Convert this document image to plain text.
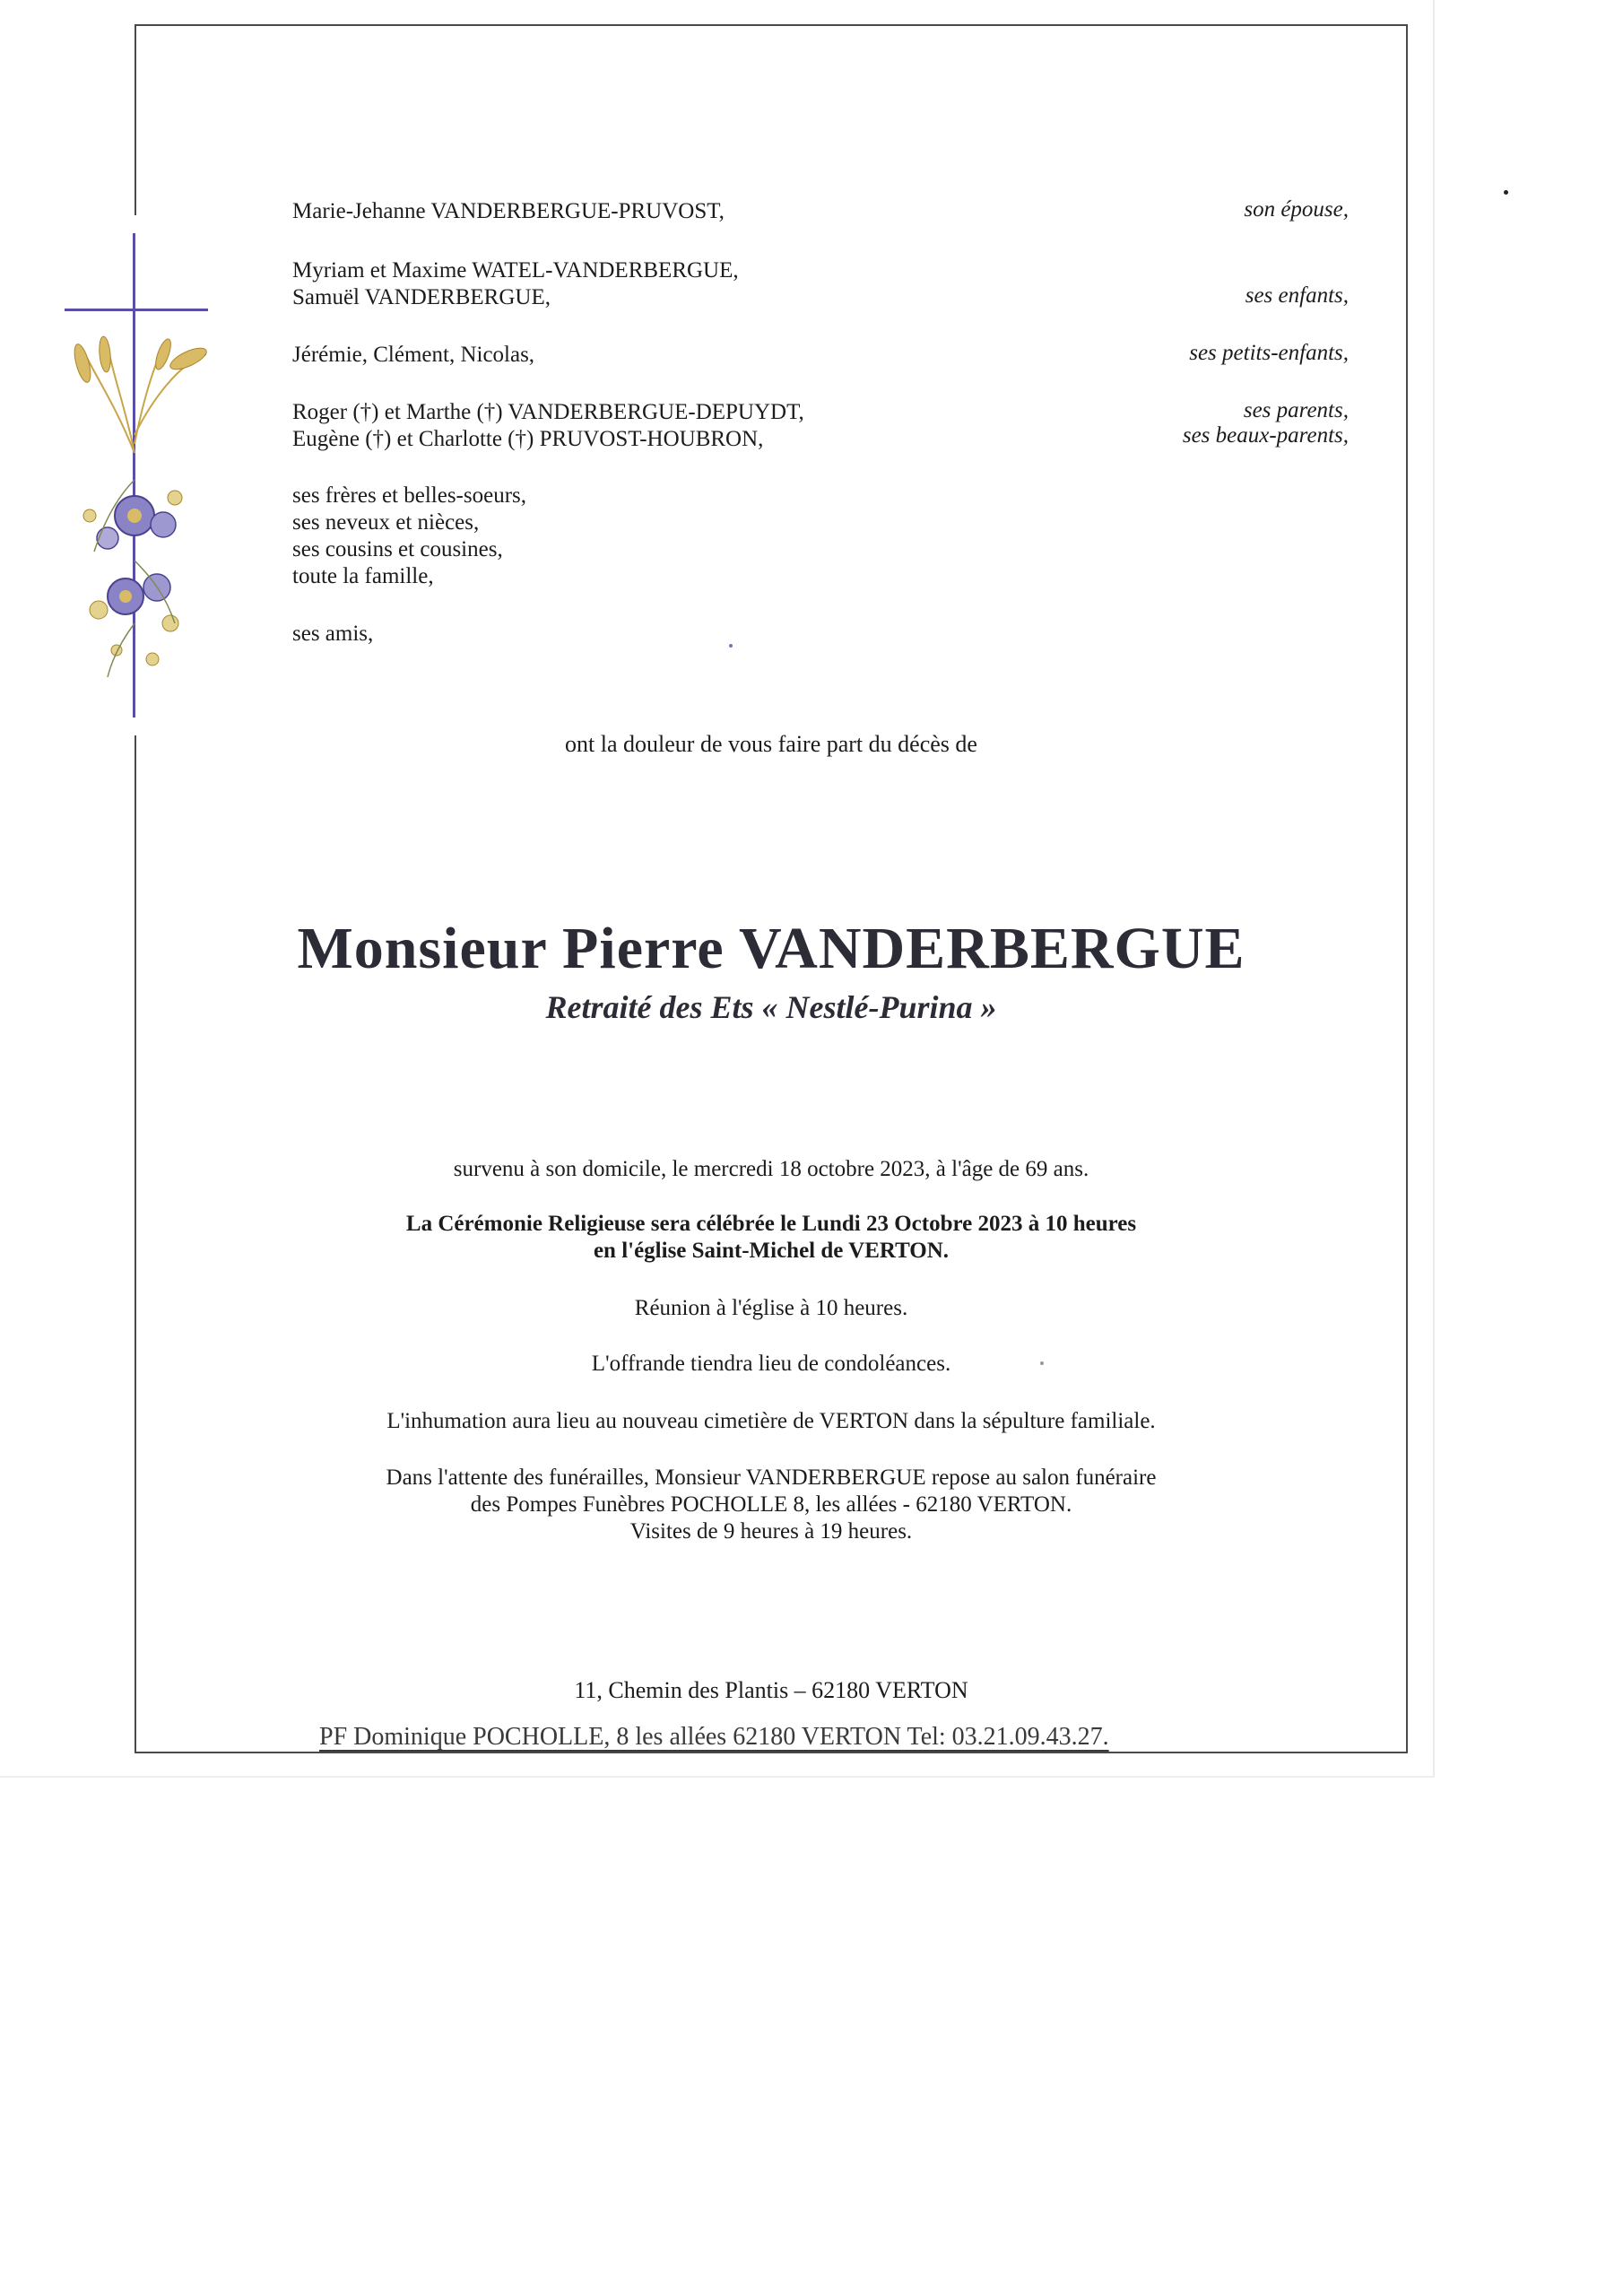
Marie-Jehanne VANDERBERGUE-PRUVOST,
Myriam et Maxime WATEL-VANDERBERGUE,
Samuël VANDERBERGUE,
Jérémie, Clément, Nicolas,
Roger (†) et Marthe (†) VANDERBERGUE-DEPUYDT,
Eugène (†) et Charlotte (†) PRUVOST-HOUBRON,
ses frères et belles-soeurs,
ses neveux et nièces,
ses cousins et cousines,
toute la famille,
ses amis,
son épouse,
ses enfants,
ses petits-enfants,
ses parents,
ses beaux-parents,
ont la douleur de vous faire part du décès de
Monsieur Pierre VANDERBERGUE
Retraité des Ets « Nestlé-Purina »
survenu à son domicile, le mercredi 18 octobre 2023, à l'âge de 69 ans.
La Cérémonie Religieuse sera célébrée le Lundi 23 Octobre 2023 à 10 heures
en l'église Saint-Michel de VERTON.
Réunion à l'église à 10 heures.
L'offrande tiendra lieu de condoléances.
L'inhumation aura lieu au nouveau cimetière de VERTON dans la sépulture familiale.
Dans l'attente des funérailles, Monsieur VANDERBERGUE repose au salon funéraire
des Pompes Funèbres POCHOLLE 8, les allées - 62180 VERTON.
Visites de 9 heures à 19 heures.
11, Chemin des Plantis – 62180 VERTON
PF Dominique POCHOLLE, 8 les allées 62180 VERTON Tel: 03.21.09.43.27.
